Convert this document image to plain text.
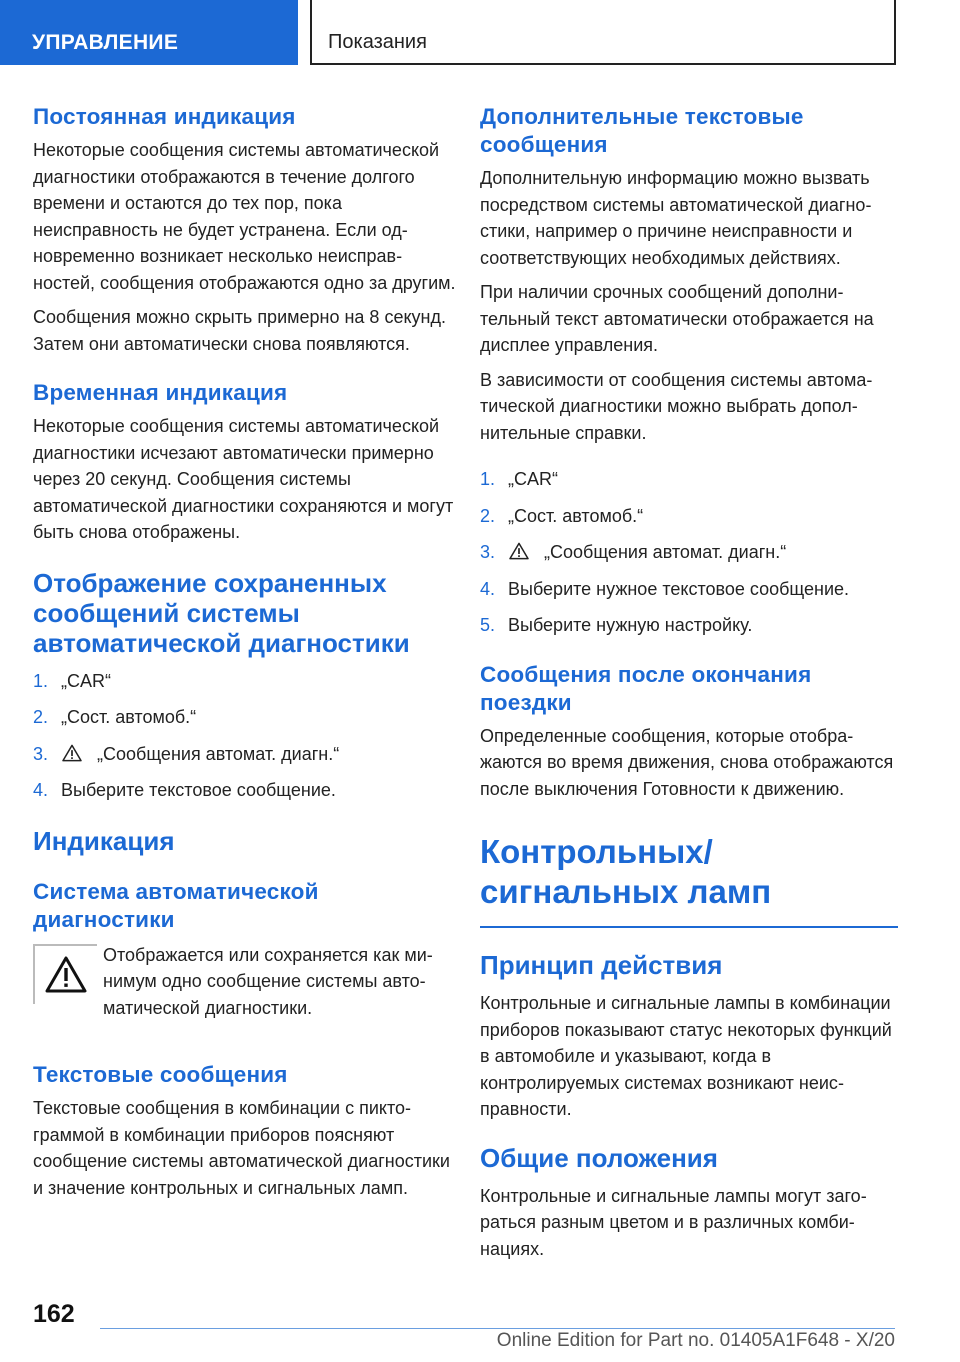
УПРАВЛЕНИЕ	Показания
Постоянная индикация

Некоторые сообщения системы автоматической диагностики отображаются в течение долгого времени и остаются до тех пор, пока неисправность не будет устранена. Если одновременно возникает несколько неисправностей, сообщения отображаются одно за другим.

Сообщения можно скрыть примерно на 8 секунд. Затем они автоматически снова появляются.

Временная индикация

Некоторые сообщения системы автоматической диагностики исчезают автоматически примерно через 20 секунд. Сообщения системы автоматической диагностики сохраняются и могут быть снова отображены.

Отображение сохраненных сообщений системы автоматической диагностики
1. „CAR“
2. „Сост. автомоб.“
3.	„Сообщения автомат. диагн.“
4. Выберите текстовое сообщение.
Индикация
Система автоматической диагностики

Отображается или сохраняется как минимум одно сообщение системы автоматической диагностики.

Текстовые сообщения

Текстовые сообщения в комбинации с пиктограммой в комбинации приборов поясняют сообщение системы автоматической диагностики и значение контрольных и сигнальных ламп.

Дополнительные текстовые сообщения

Дополнительную информацию можно вызвать посредством системы автоматической диагностики, например о причине неисправности и соответствующих необходимых действиях.

При наличии срочных сообщений дополнительный текст автоматически отображается на дисплее управления.

В зависимости от сообщения системы автоматической диагностики можно выбрать дополнительные справки.

1. „CAR“
2. „Сост. автомоб.“
3.	„Сообщения автомат. диагн.“
4. Выберите нужное текстовое сообщение.
5. Выберите нужную настройку.
Сообщения после окончания поездки

Определенные сообщения, которые отображаются во время движения, снова отображаются после выключения Готовности к движению.

Контрольных/сигнальных ламп
Принцип действия

Контрольные и сигнальные лампы в комбинации приборов показывают статус некоторых функций в автомобиле и указывают, когда в контролируемых системах возникают неисправности.

Общие положения

Контрольные и сигнальные лампы могут загораться разным цветом и в различных комбинациях.

162
Online Edition for Part no. 01405A1F648 - X/20
